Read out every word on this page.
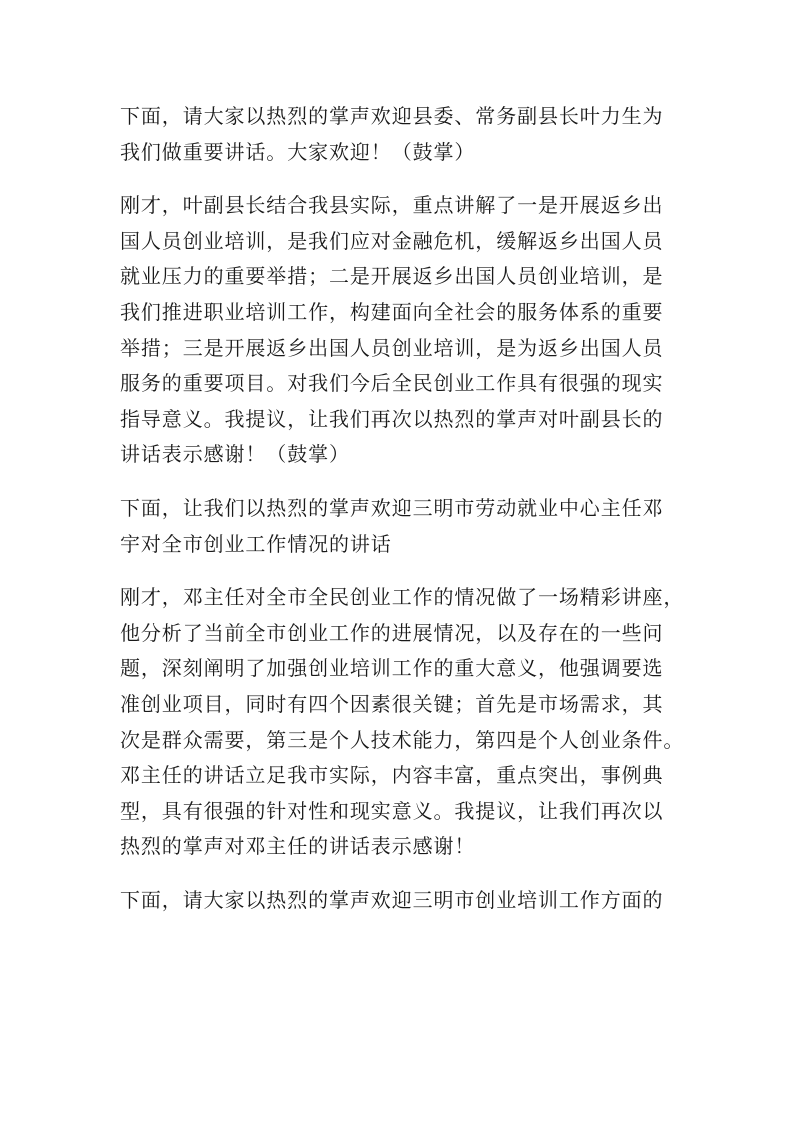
下面，请大家以热烈的掌声欢迎县委、常务副县长叶力生为
我们做重要讲话。大家欢迎！（鼓掌）

刚才，叶副县长结合我县实际，重点讲解了一是开展返乡出
国人员创业培训，是我们应对金融危机，缓解返乡出国人员
就业压力的重要举措；二是开展返乡出国人员创业培训，是
我们推进职业培训工作，构建面向全社会的服务体系的重要
举措；三是开展返乡出国人员创业培训，是为返乡出国人员
服务的重要项目。对我们今后全民创业工作具有很强的现实
指导意义。我提议，让我们再次以热烈的掌声对叶副县长的
讲话表示感谢！（鼓掌）

下面，让我们以热烈的掌声欢迎三明市劳动就业中心主任邓
宇对全市创业工作情况的讲话

刚才，邓主任对全市全民创业工作的情况做了一场精彩讲座，
他分析了当前全市创业工作的进展情况，以及存在的一些问
题，深刻阐明了加强创业培训工作的重大意义，他强调要选
准创业项目，同时有四个因素很关键；首先是市场需求，其
次是群众需要，第三是个人技术能力，第四是个人创业条件。
邓主任的讲话立足我市实际，内容丰富，重点突出，事例典
型，具有很强的针对性和现实意义。我提议，让我们再次以
热烈的掌声对邓主任的讲话表示感谢！

下面，请大家以热烈的掌声欢迎三明市创业培训工作方面的
